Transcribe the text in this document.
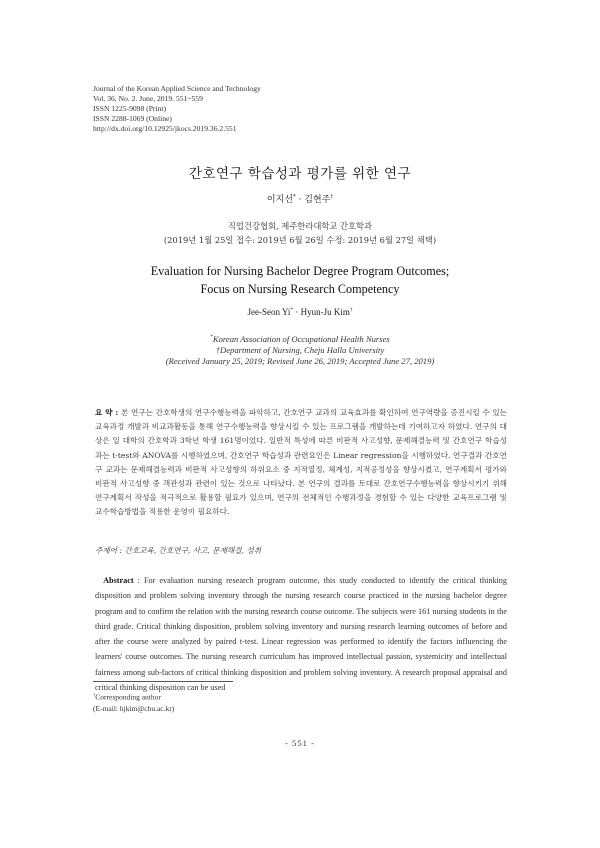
Journal of the Korean Applied Science and Technology
Vol. 36, No. 2. June, 2019. 551~559
ISSN 1225-9098 (Print)
ISSN 2288-1069 (Online)
http://dx.doi.org/10.12925/jkocs.2019.36.2.551
간호연구 학습성과 평가를 위한 연구
이지선* · 김현주†
직업건강협회, 제주한라대학교 간호학과
(2019년 1월 25일 접수: 2019년 6월 26일 수정: 2019년 6월 27일 채택)
Evaluation for Nursing Bachelor Degree Program Outcomes;
Focus on Nursing Research Competency
Jee-Seon Yi* · Hyun-Ju Kim†
*Korean Association of Occupational Health Nurses
†Department of Nursing, Cheju Halla University
(Received January 25, 2019; Revised June 26, 2019; Accepted June 27, 2019)
요 약 : 본 연구는 간호학생의 연구수행능력을 파악하고, 간호연구 교과의 교육효과를 확인하여 연구역량을 증진시킬 수 있는 교육과정 개발과 비교과활동을 통해 연구수행능력을 향상시킬 수 있는 프로그램을 개발하는데 기여하고자 하였다. 연구의 대상은 일 대학의 간호학과 3학년 학생 161명이었다. 일반적 특성에 따른 비판적 사고성향, 문제해결능력 및 간호연구 학습성과는 t-test와 ANOVA를 시행하였으며, 간호연구 학습성과 관련요인은 Linear regression을 시행하였다. 연구결과 간호연구 교과는 문제해결능력과 비판적 사고성향의 하위요소 중 지적열정, 체계성, 지적공정성을 향상시켰고, 연구계획서 평가와 비판적 사고성향 중 객관성과 관련이 있는 것으로 나타났다. 본 연구의 결과를 토대로 간호연구수행능력을 향상시키기 위해 연구계획서 작성을 적극적으로 활용할 필요가 있으며, 연구의 전체적인 수행과정을 경험할 수 있는 다양한 교육프로그램 및 교수학습방법을 적용한 운영이 필요하다.
주제어 : 간호교육, 간호연구, 사고, 문제해결, 성취
Abstract : For evaluation nursing research program outcome, this study conducted to identify the critical thinking disposition and problem solving inventory through the nursing research course practiced in the nursing bachelor degree program and to confirm the relation with the nursing research course outcome. The subjects were 161 nursing students in the third grade. Critical thinking disposition, problem solving inventory and nursing research learning outcomes of before and after the course were analyzed by paired t-test. Linear regression was performed to identify the factors influencing the learners' course outcomes. The nursing research curriculum has improved intellectual passion, systemicity and intellectual fairness among sub-factors of critical thinking disposition and problem solving inventory. A research proposal appraisal and critical thinking disposition can be used
†Corresponding author
(E-mail: hjkim@chu.ac.kr)
- 551 -
